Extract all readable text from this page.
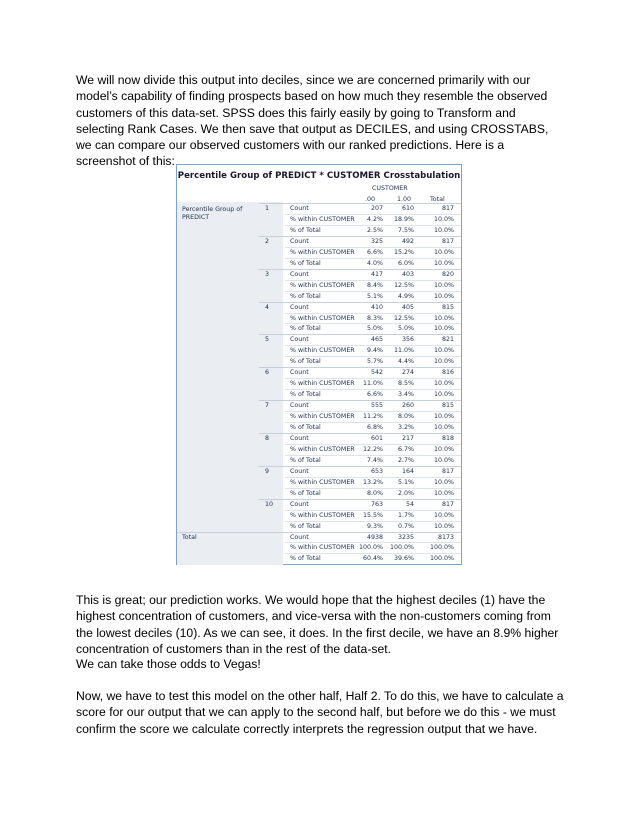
We will now divide this output into deciles, since we are concerned primarily with our model’s capability of finding prospects based on how much they resemble the observed customers of this data-set. SPSS does this fairly easily by going to Transform and selecting Rank Cases. We then save that output as DECILES, and using CROSSTABS, we can compare our observed customers with our ranked predictions. Here is a screenshot of this:

Percentile Group of PREDICT * CUSTOMER Crosstabulation
CUSTOMER
.00	1.00	Total
Percentile Group of PREDICT
1	Count	207	610	817
% within CUSTOMER	4.2%	18.9%	10.0%
% of Total	2.5%	7.5%	10.0%
2	Count	325	492	817
% within CUSTOMER	6.6%	15.2%	10.0%
% of Total	4.0%	6.0%	10.0%
3	Count	417	403	820
% within CUSTOMER	8.4%	12.5%	10.0%
% of Total	5.1%	4.9%	10.0%
4	Count	410	405	815
% within CUSTOMER	8.3%	12.5%	10.0%
% of Total	5.0%	5.0%	10.0%
5	Count	465	356	821
% within CUSTOMER	9.4%	11.0%	10.0%
% of Total	5.7%	4.4%	10.0%
6	Count	542	274	816
% within CUSTOMER	11.0%	8.5%	10.0%
% of Total	6.6%	3.4%	10.0%
7	Count	555	260	815
% within CUSTOMER	11.2%	8.0%	10.0%
% of Total	6.8%	3.2%	10.0%
8	Count	601	217	818
% within CUSTOMER	12.2%	6.7%	10.0%
% of Total	7.4%	2.7%	10.0%
9	Count	653	164	817
% within CUSTOMER	13.2%	5.1%	10.0%
% of Total	8.0%	2.0%	10.0%
10	Count	763	54	817
% within CUSTOMER	15.5%	1.7%	10.0%
% of Total	9.3%	0.7%	10.0%
Total	Count	4938	3235	8173
% within CUSTOMER 100.0%	100.0%	100.0%
% of Total	60.4%	39.6%	100.0%

This is great; our prediction works. We would hope that the highest deciles (1) have the highest concentration of customers, and vice-versa with the non-customers coming from the lowest deciles (10). As we can see, it does. In the first decile, we have an 8.9% higher concentration of customers than in the rest of the data-set.

We can take those odds to Vegas!

Now, we have to test this model on the other half, Half 2. To do this, we have to calculate a score for our output that we can apply to the second half, but before we do this - we must confirm the score we calculate correctly interprets the regression output that we have.
